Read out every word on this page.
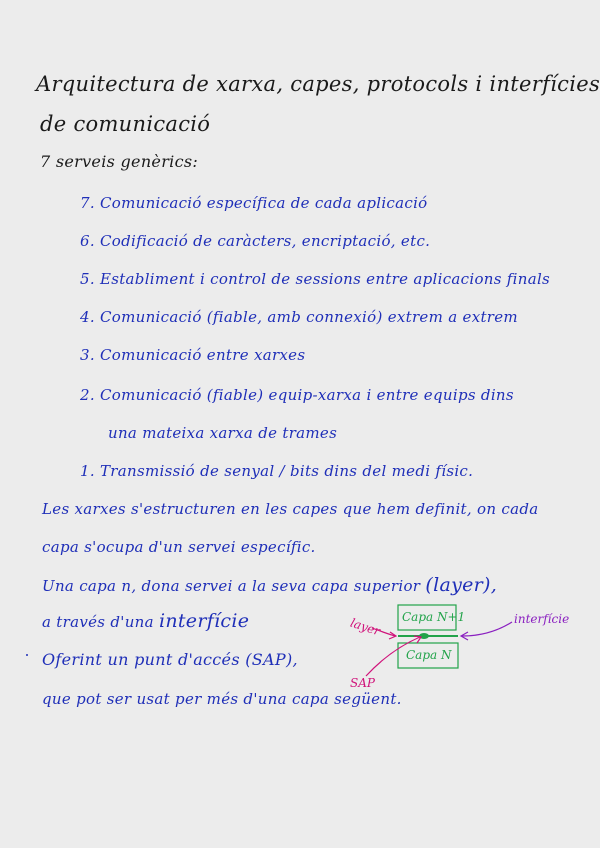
Arquitectura de xarxa, capes, protocols i interfícies
de comunicació
7 serveis genèrics:
7. Comunicació específica de cada aplicació
6. Codificació de caràcters, encriptació, etc.
5. Establiment i control de sessions entre aplicacions finals
4. Comunicació (fiable, amb connexió) extrem a extrem
3. Comunicació entre xarxes
2. Comunicació (fiable) equip-xarxa i entre equips dins
una mateixa xarxa de trames
1. Transmissió de senyal / bits dins del medi físic.
Les xarxes s'estructuren en les capes que hem definit, on cada
capa s'ocupa d'un servei específic.
Una capa n, dona servei a la seva capa superior (layer),
a través d'una interfície
Oferint un punt d'accés (SAP),
que pot ser usat per més d'una capa següent.
Capa N+1
Capa N
layer	interfície
SAP
